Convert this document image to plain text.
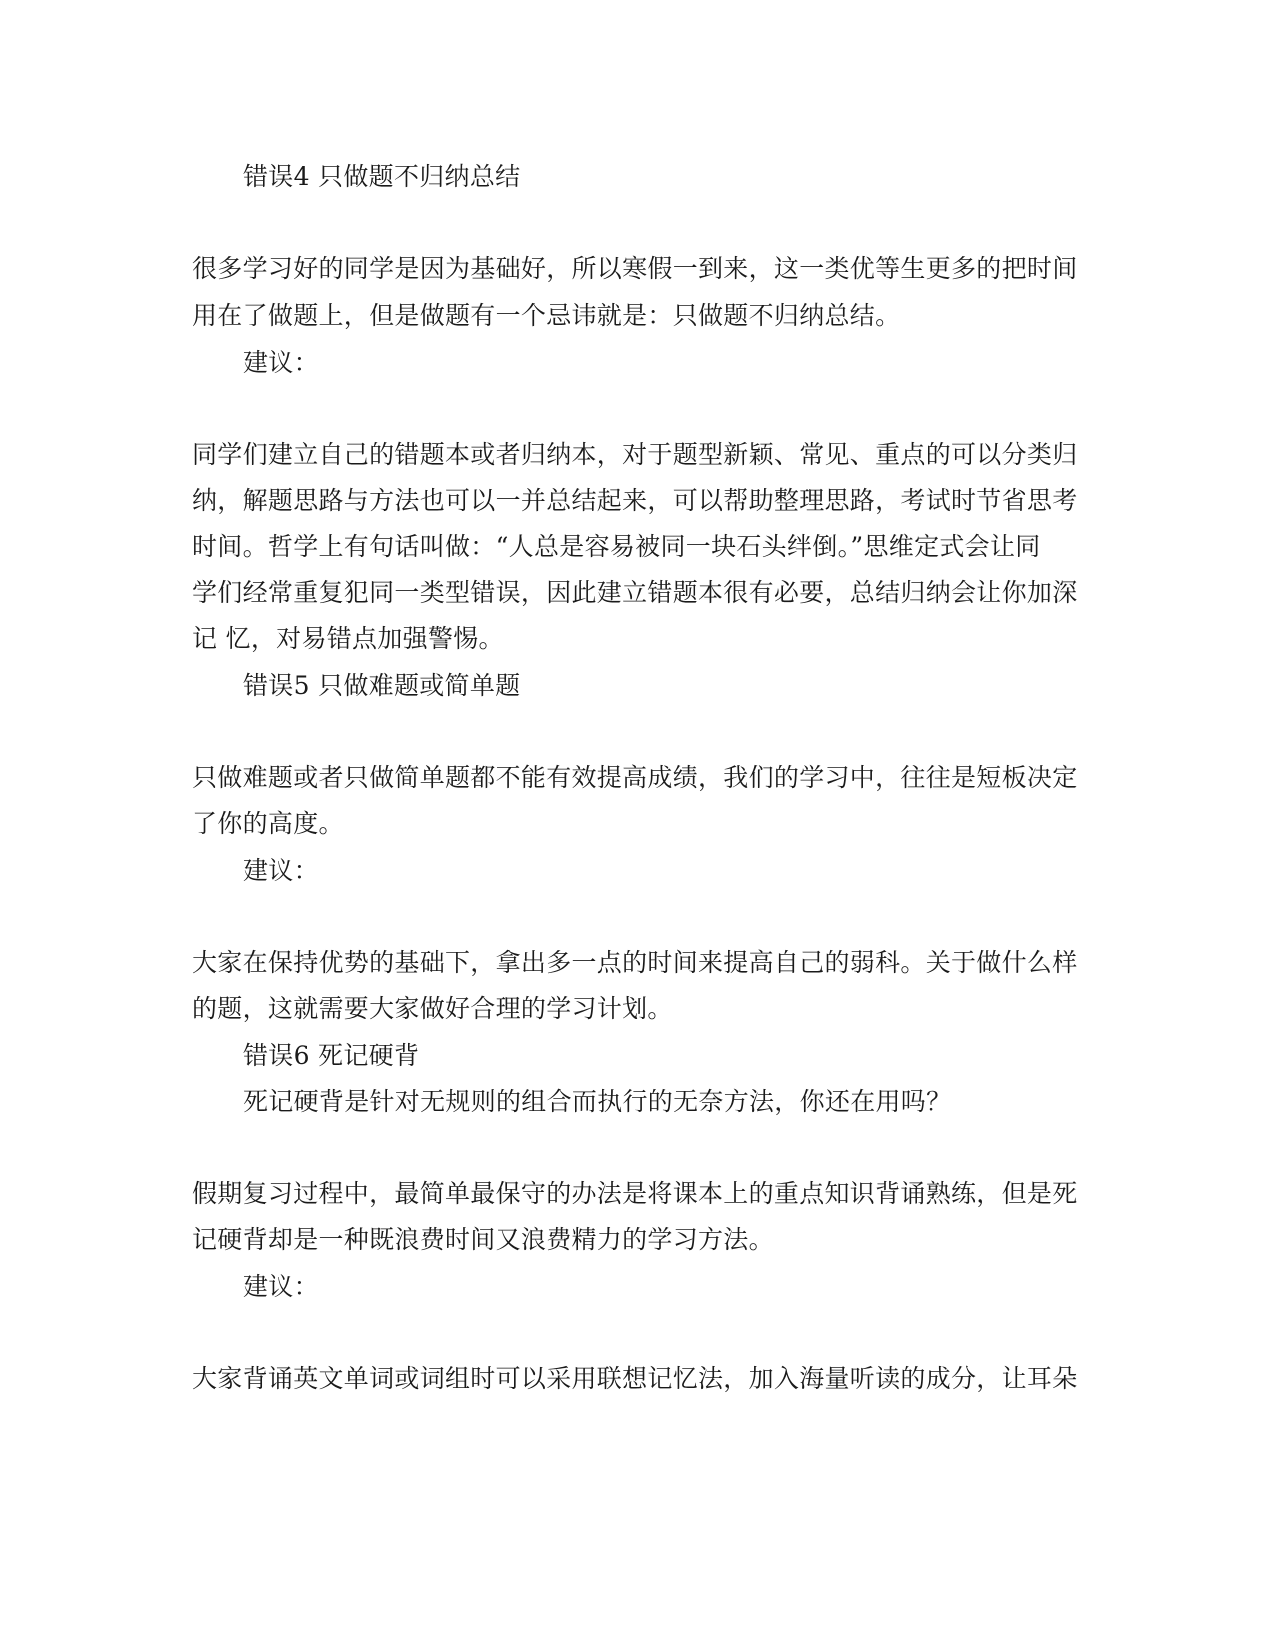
错误4 只做题不归纳总结
很多学习好的同学是因为基础好，所以寒假一到来，这一类优等生更多的把时间
用在了做题上，但是做题有一个忌讳就是：只做题不归纳总结。
建议：
同学们建立自己的错题本或者归纳本，对于题型新颖、常见、重点的可以分类归
纳，解题思路与方法也可以一并总结起来，可以帮助整理思路，考试时节省思考
时间。哲学上有句话叫做：“人总是容易被同一块石头绊倒。”思维定式会让同
学们经常重复犯同一类型错误，因此建立错题本很有必要，总结归纳会让你加深
记 忆，对易错点加强警惕。
错误5 只做难题或简单题
只做难题或者只做简单题都不能有效提高成绩，我们的学习中，往往是短板决定
了你的高度。
建议：
大家在保持优势的基础下，拿出多一点的时间来提高自己的弱科。关于做什么样
的题，这就需要大家做好合理的学习计划。
错误6 死记硬背
死记硬背是针对无规则的组合而执行的无奈方法，你还在用吗？
假期复习过程中，最简单最保守的办法是将课本上的重点知识背诵熟练，但是死
记硬背却是一种既浪费时间又浪费精力的学习方法。
建议：
大家背诵英文单词或词组时可以采用联想记忆法，加入海量听读的成分，让耳朵
